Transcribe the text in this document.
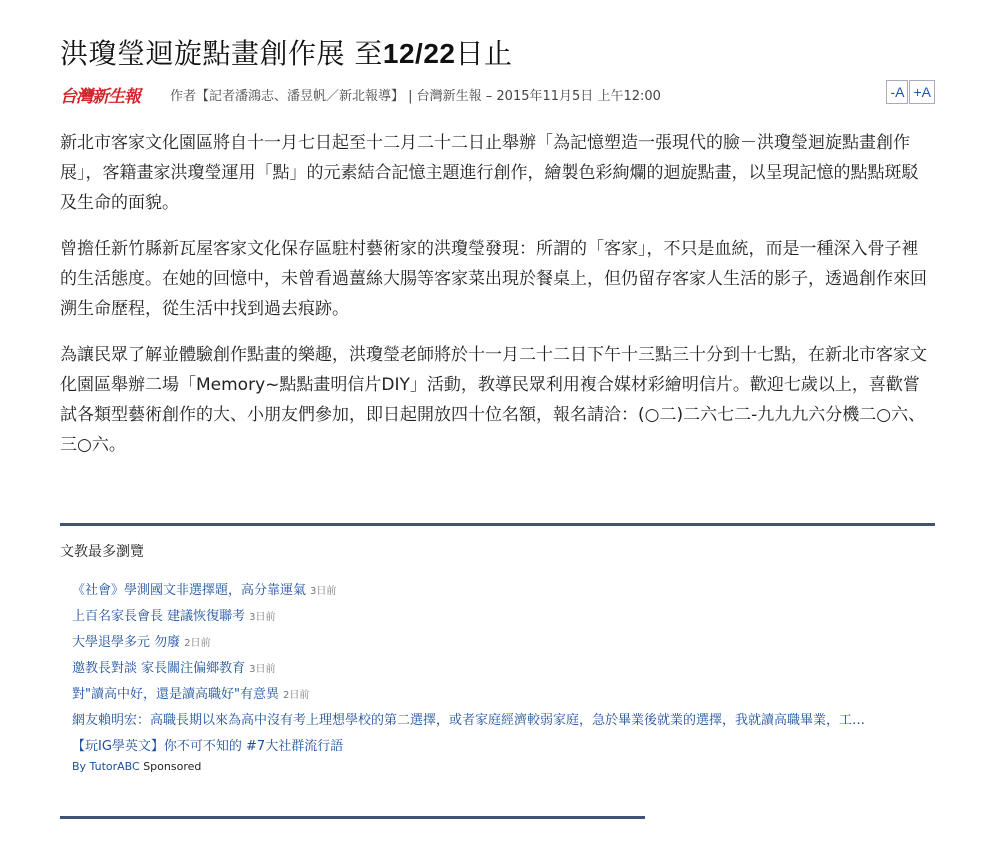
洪瓊瑩迴旋點畫創作展 至12/22日止
台灣新生報	作者【記者潘鴻志、潘昱帆／新北報導】 | 台灣新生報 – 2015年11月5日 上午12:00	-A +A

新北市客家文化園區將自十一月七日起至十二月二十二日止舉辦「為記憶塑造一張現代的臉－洪瓊瑩迴旋點畫創作展」，客籍畫家洪瓊瑩運用「點」的元素結合記憶主題進行創作，繪製色彩絢爛的迴旋點畫，以呈現記憶的點點斑駁及生命的面貌。

曾擔任新竹縣新瓦屋客家文化保存區駐村藝術家的洪瓊瑩發現：所謂的「客家」，不只是血統，而是一種深入骨子裡的生活態度。在她的回憶中，未曾看過薑絲大腸等客家菜出現於餐桌上，但仍留存客家人生活的影子，透過創作來回溯生命歷程，從生活中找到過去痕跡。

為讓民眾了解並體驗創作點畫的樂趣，洪瓊瑩老師將於十一月二十二日下午十三點三十分到十七點，在新北市客家文化園區舉辦二場「Memory~點點畫明信片DIY」活動，教導民眾利用複合媒材彩繪明信片。歡迎七歲以上，喜歡嘗試各類型藝術創作的大、小朋友們參加，即日起開放四十位名額，報名請洽：(○二)二六七二-九九九六分機二○六、三○六。

文教最多瀏覽
《社會》學測國文非選擇題，高分靠運氣 3日前
上百名家長會長 建議恢復聯考 3日前
大學退學多元 勿廢 2日前
邀教長對談 家長關注偏鄉教育 3日前
對"讀高中好，還是讀高職好"有意異 2日前
網友賴明宏：高職長期以來為高中沒有考上理想學校的第二選擇，或者家庭經濟較弱家庭，急於畢業後就業的選擇，我就讀高職畢業，工…
【玩IG學英文】你不可不知的 #7大社群流行語
By TutorABC Sponsored
